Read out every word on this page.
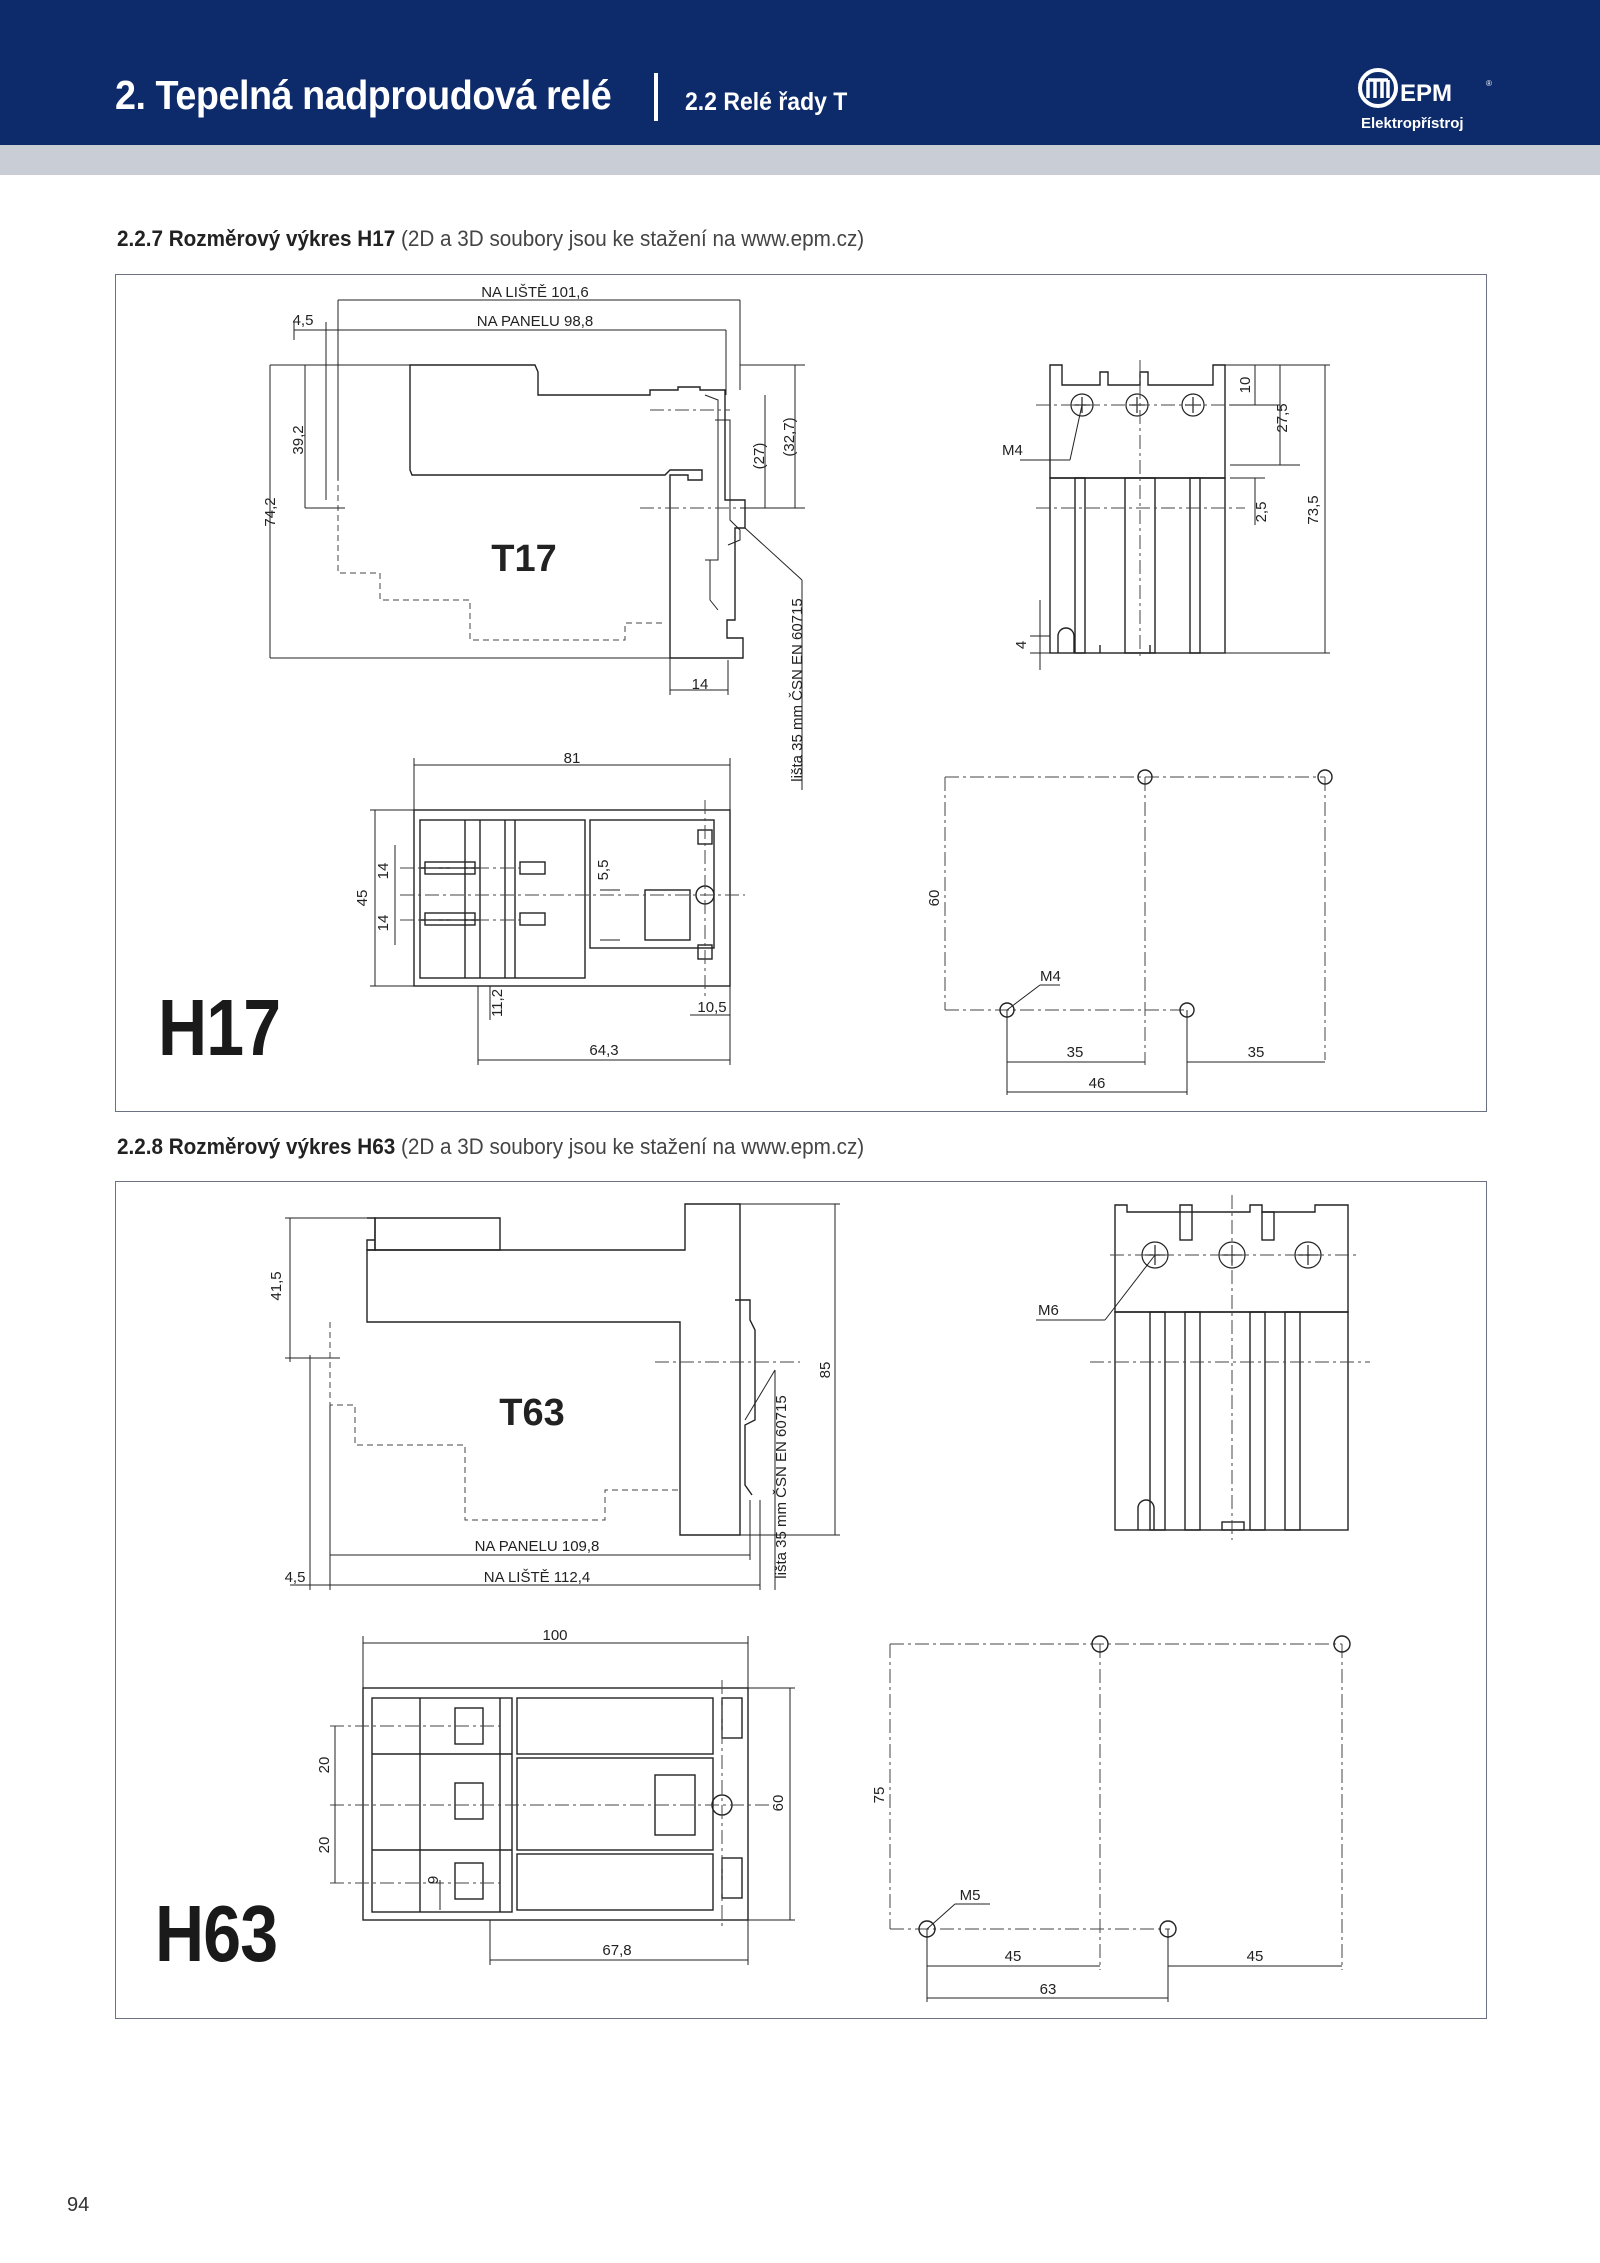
2. Tepelná nadproudová relé	2.2 Relé řady T	EPM	®
Elektropřístroj
2.2.7 Rozměrový výkres H17 (2D a 3D soubory jsou ke stažení na www.epm.cz)
H17
NA LIŠTĚ 101,6
NA PANELU 98,8
4,5
39,2
74,2
(27) (32,7)
14	lišta 35 mm ČSN EN 60715
T17
M4
10
27,5
2,5 73,5
4
81
45
14
14
5,5
11,2	10,5
64,3
60
M4
35	35
46
2.2.8 Rozměrový výkres H63 (2D a 3D soubory jsou ke stažení na www.epm.cz)
H63
41,5
85
lišta 35 mm ČSN EN 60715
NA PANELU 109,8
NA LIŠTĚ 112,4
4,5
T63
M6
100
20
20
9
60
67,8
75
M5
45	45
63
94
